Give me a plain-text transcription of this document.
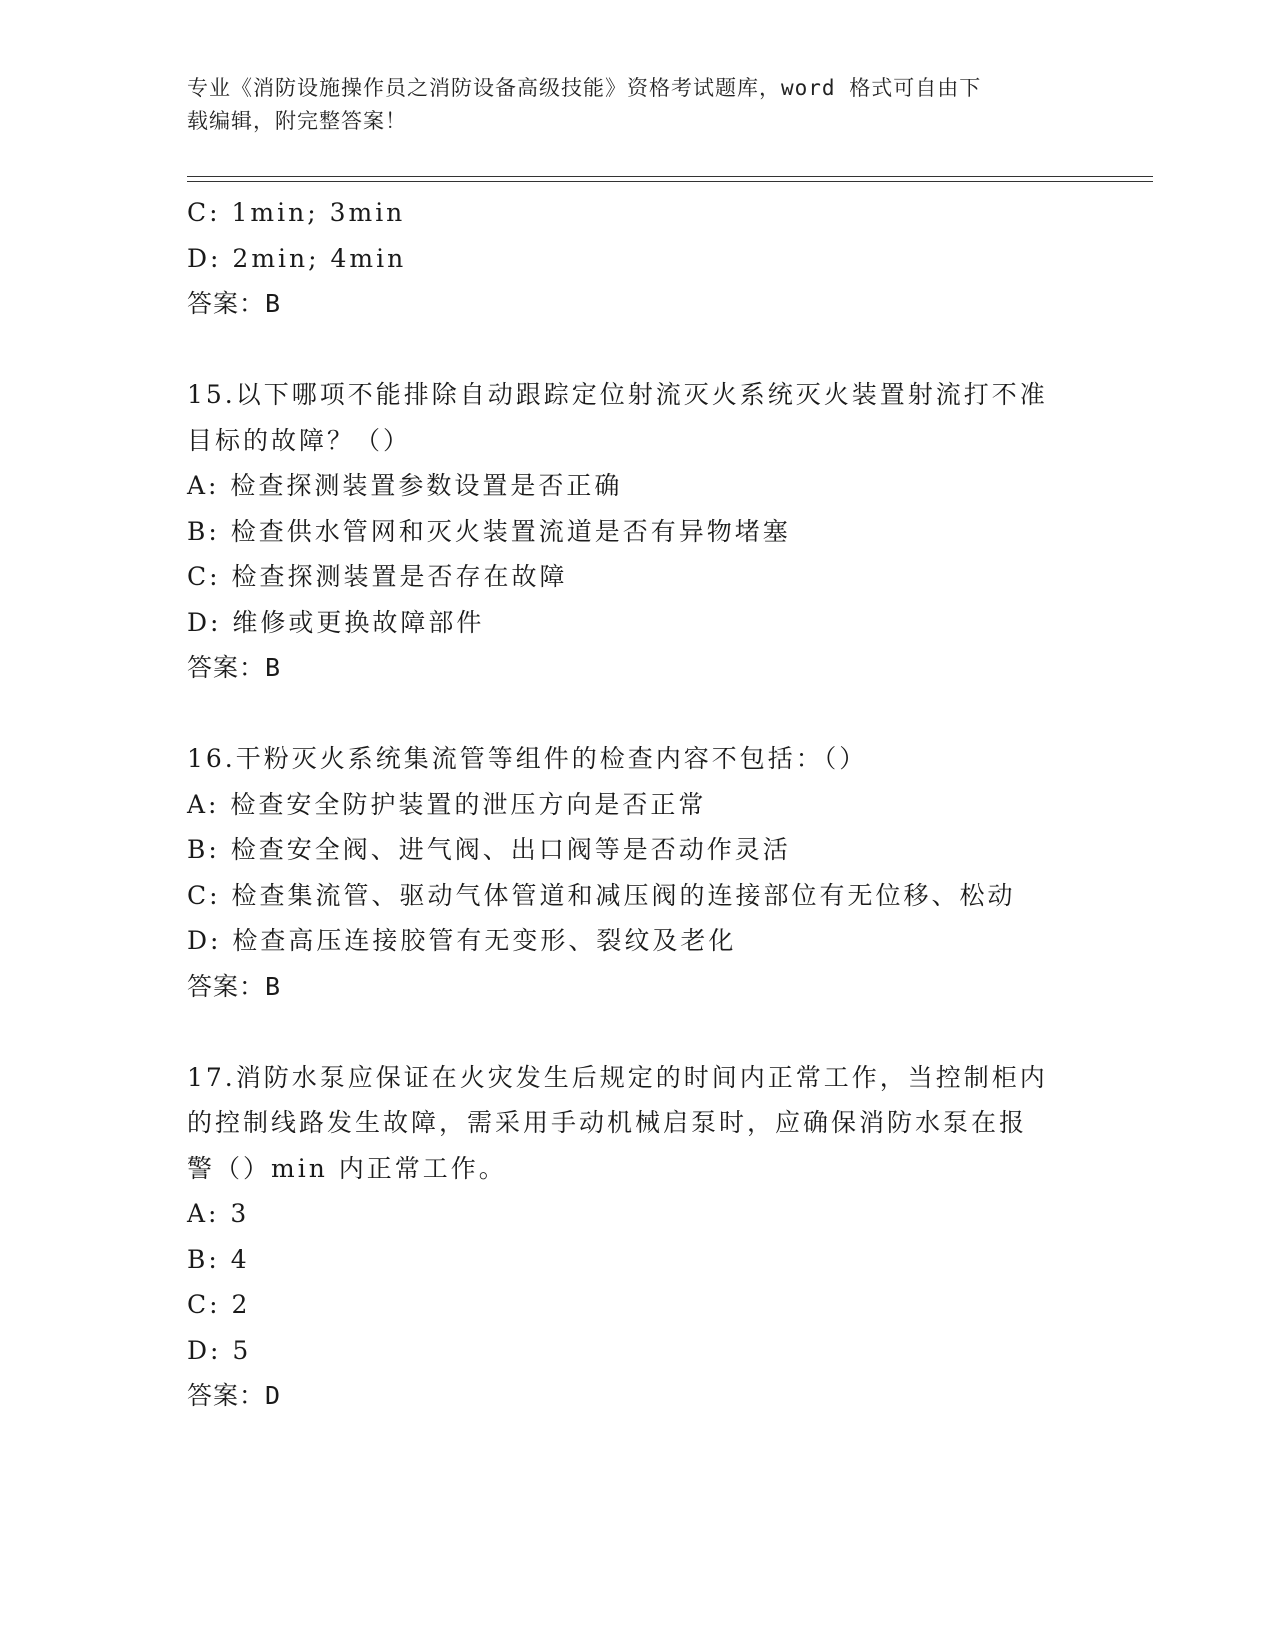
专业《消防设施操作员之消防设备高级技能》资格考试题库，word 格式可自由下
载编辑，附完整答案！
C: 1min; 3min
D: 2min; 4min
答案：B
15.以下哪项不能排除自动跟踪定位射流灭火系统灭火装置射流打不准
目标的故障？（）
A: 检查探测装置参数设置是否正确
B: 检查供水管网和灭火装置流道是否有异物堵塞
C: 检查探测装置是否存在故障
D: 维修或更换故障部件
答案：B
16.干粉灭火系统集流管等组件的检查内容不包括：（）
A: 检查安全防护装置的泄压方向是否正常
B: 检查安全阀、进气阀、出口阀等是否动作灵活
C: 检查集流管、驱动气体管道和减压阀的连接部位有无位移、松动
D: 检查高压连接胶管有无变形、裂纹及老化
答案：B
17.消防水泵应保证在火灾发生后规定的时间内正常工作，当控制柜内
的控制线路发生故障，需采用手动机械启泵时，应确保消防水泵在报
警（）min 内正常工作。
A: 3
B: 4
C: 2
D: 5
答案：D
